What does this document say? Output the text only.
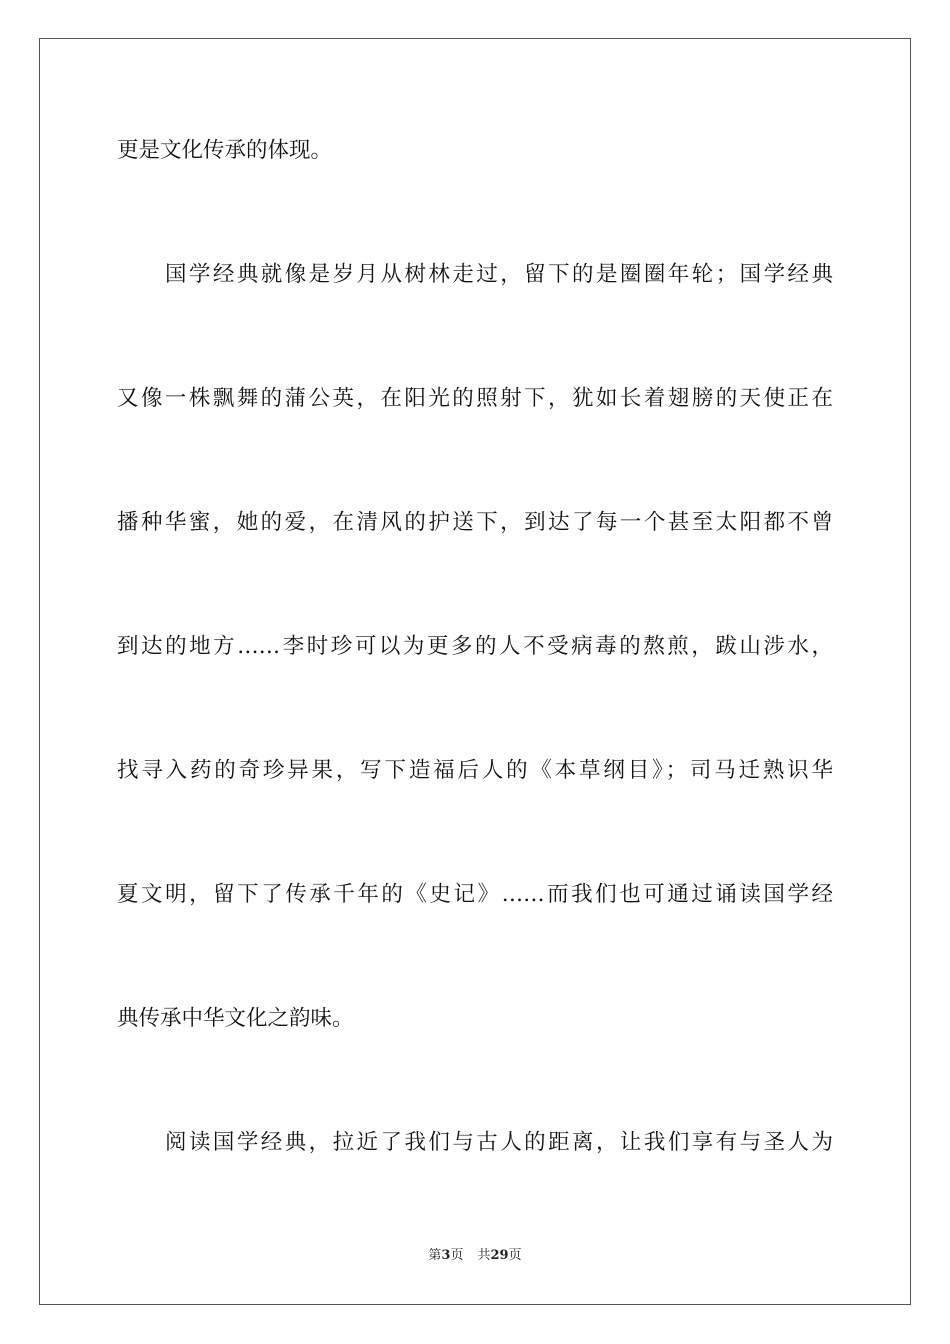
更是文化传承的体现。
国学经典就像是岁月从树林走过，留下的是圈圈年轮；国学经典
又像一株飘舞的蒲公英，在阳光的照射下，犹如长着翅膀的天使正在
播种华蜜，她的爱，在清风的护送下，到达了每一个甚至太阳都不曾
到达的地方……李时珍可以为更多的人不受病毒的熬煎，跋山涉水，
找寻入药的奇珍异果，写下造福后人的《本草纲目》；司马迁熟识华
夏文明，留下了传承千年的《史记》……而我们也可通过诵读国学经
典传承中华文化之韵味。
阅读国学经典，拉近了我们与古人的距离，让我们享有与圣人为
第3页 共29页
